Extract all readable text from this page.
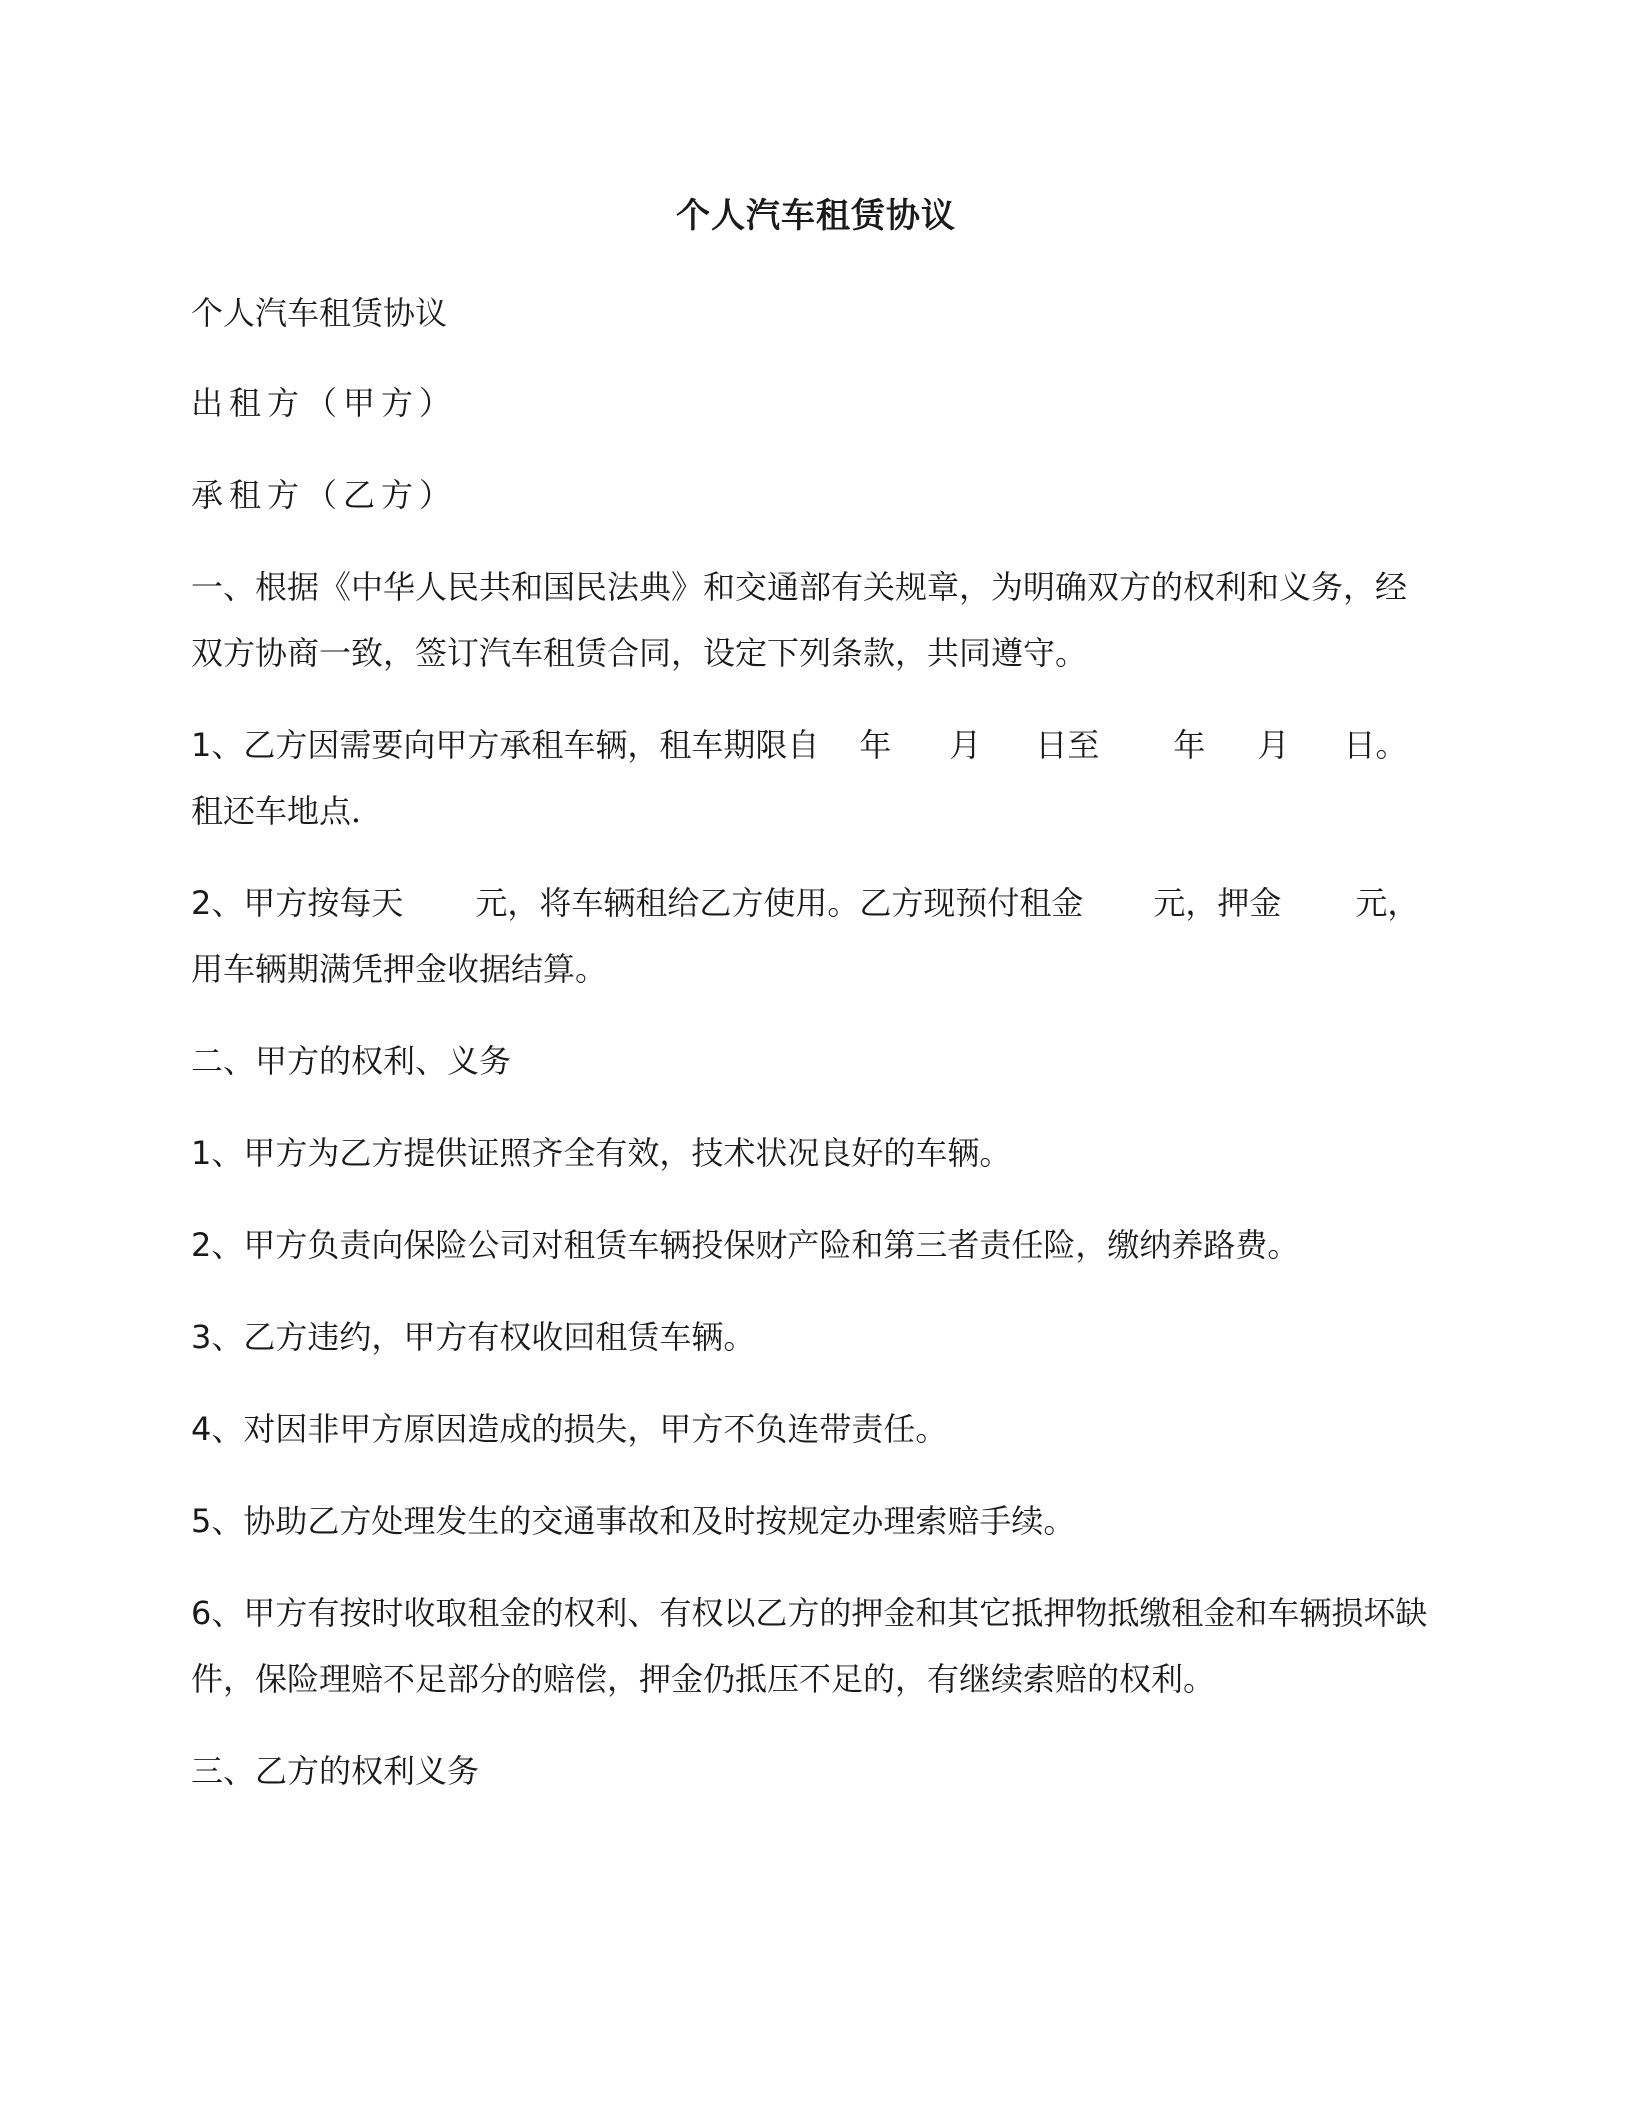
个人汽车租赁协议

个人汽车租赁协议

出租方（甲方）

承租方（乙方）

一、根据《中华人民共和国民法典》和交通部有关规章，为明确双方的权利和义务，经

双方协商一致，签订汽车租赁合同，设定下列条款，共同遵守。

1、乙方因需要向甲方承租车辆，租车期限自 年 月 日至 年 月 日。

租还车地点．

2、甲方按每天 元，将车辆租给乙方使用。乙方现预付租金 元，押金 元，

用车辆期满凭押金收据结算。

二、甲方的权利、义务

1、甲方为乙方提供证照齐全有效，技术状况良好的车辆。

2、甲方负责向保险公司对租赁车辆投保财产险和第三者责任险，缴纳养路费。

3、乙方违约，甲方有权收回租赁车辆。

4、对因非甲方原因造成的损失，甲方不负连带责任。

5、协助乙方处理发生的交通事故和及时按规定办理索赔手续。

6、甲方有按时收取租金的权利、有权以乙方的押金和其它抵押物抵缴租金和车辆损坏缺

件，保险理赔不足部分的赔偿，押金仍抵压不足的，有继续索赔的权利。

三、乙方的权利义务
